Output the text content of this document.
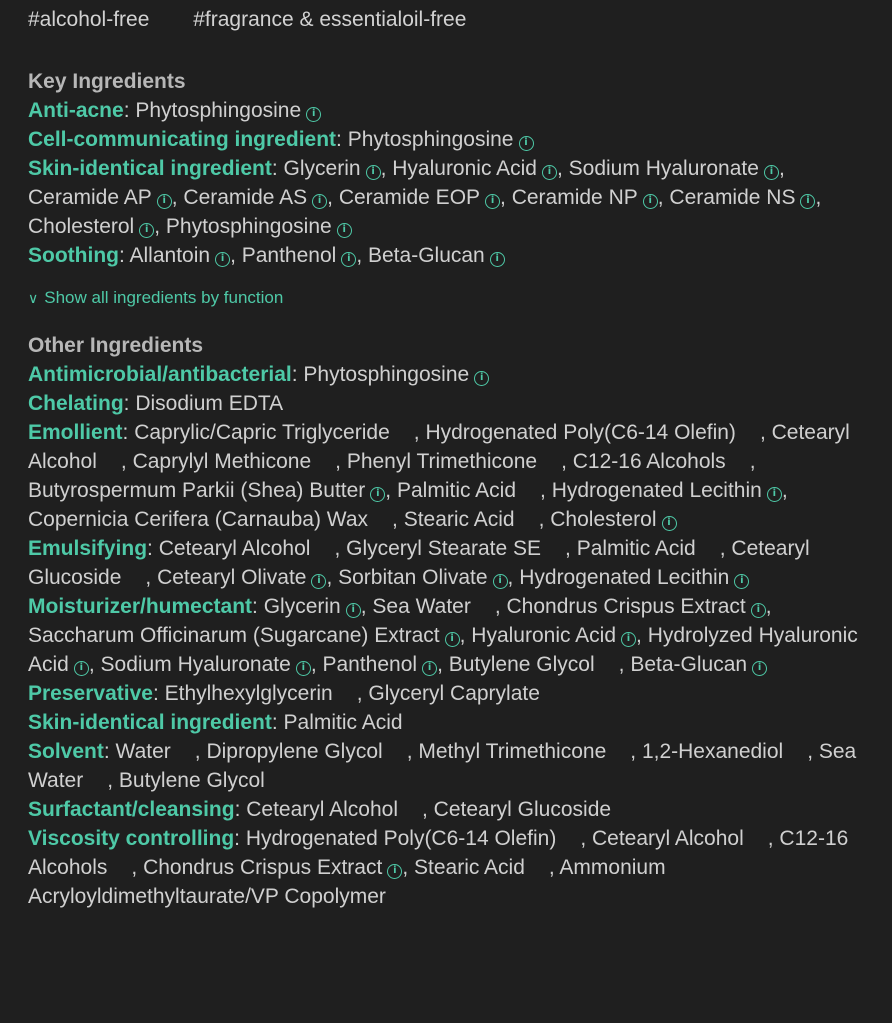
#alcohol-free #fragrance & essentialoil-free
Key Ingredients

Anti-acne: Phytosphingosine i

Cell-communicating ingredient: Phytosphingosine i

Skin-identical ingredient: Glycerin i , Hyaluronic Acid i , Sodium Hyaluronate i , Ceramide AP i , Ceramide AS i , Ceramide EOP i , Ceramide NP i , Ceramide NS i , Cholesterol i , Phytosphingosine i

Soothing: Allantoin i , Panthenol i , Beta-Glucan i

∨ Show all ingredients by function
Other Ingredients

Antimicrobial/antibacterial: Phytosphingosine i

Chelating: Disodium EDTA

Emollient: Caprylic/Capric Triglyceride , Hydrogenated Poly(C6-14 Olefin) , Cetearyl Alcohol , Caprylyl Methicone , Phenyl Trimethicone , C12-16 Alcohols , Butyrospermum Parkii (Shea) Butter i , Palmitic Acid , Hydrogenated Lecithin i , Copernicia Cerifera (Carnauba) Wax , Stearic Acid , Cholesterol i

Emulsifying: Cetearyl Alcohol , Glyceryl Stearate SE , Palmitic Acid , Cetearyl Glucoside , Cetearyl Olivate i , Sorbitan Olivate i , Hydrogenated Lecithin i

Moisturizer/humectant: Glycerin i , Sea Water , Chondrus Crispus Extract i , Saccharum Officinarum (Sugarcane) Extract i , Hyaluronic Acid i , Hydrolyzed Hyaluronic Acid i , Sodium Hyaluronate i , Panthenol i , Butylene Glycol , Beta-Glucan i

Preservative: Ethylhexylglycerin , Glyceryl Caprylate

Skin-identical ingredient: Palmitic Acid

Solvent: Water , Dipropylene Glycol , Methyl Trimethicone , 1,2-Hexanediol , Sea Water , Butylene Glycol

Surfactant/cleansing: Cetearyl Alcohol , Cetearyl Glucoside

Viscosity controlling: Hydrogenated Poly(C6-14 Olefin) , Cetearyl Alcohol , C12-16 Alcohols , Chondrus Crispus Extract i , Stearic Acid , Ammonium Acryloyldimethyltaurate/VP Copolymer
